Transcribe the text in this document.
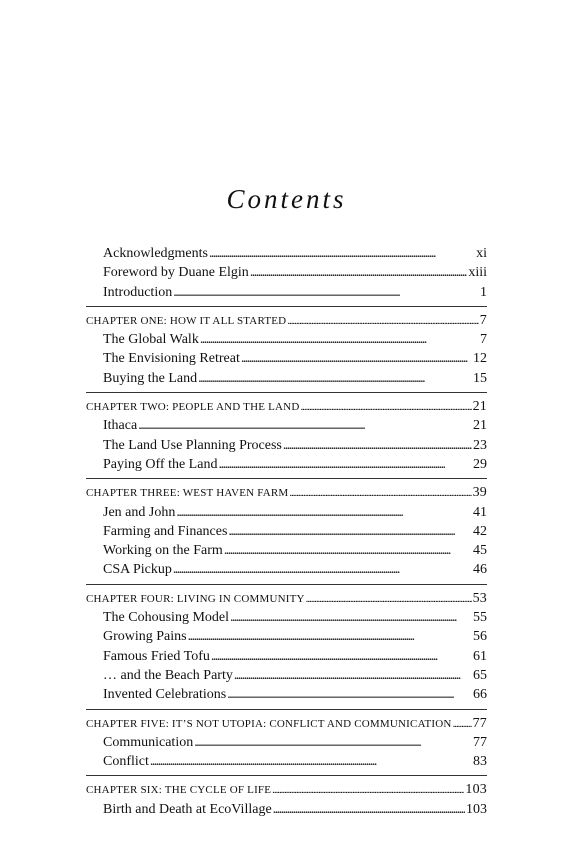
Contents
Acknowledgments . . .	xi
Foreword by Duane Elgin . . .	xiii
Introduction . . .	1
CHAPTER ONE: HOW IT ALL STARTED . . .	7
The Global Walk . . .	7
The Envisioning Retreat . . .	12
Buying the Land . . .	15
CHAPTER TWO: PEOPLE AND THE LAND . . .	21
Ithaca . . .	21
The Land Use Planning Process . . .	23
Paying Off the Land . . .	29
CHAPTER THREE: WEST HAVEN FARM . . .	39
Jen and John . . .	41
Farming and Finances . . .	42
Working on the Farm . . .	45
CSA Pickup . . .	46
CHAPTER FOUR: LIVING IN COMMUNITY . . .	53
The Cohousing Model . . .	55
Growing Pains . . .	56
Famous Fried Tofu . . .	61
… and the Beach Party . . .	65
Invented Celebrations . . .	66
CHAPTER FIVE: IT’S NOT UTOPIA: CONFLICT AND COMMUNICATION . . . 77
Communication . . .	77
Conflict . . .	83
CHAPTER SIX: THE CYCLE OF LIFE . . .	103
Birth and Death at EcoVillage . . .	103
